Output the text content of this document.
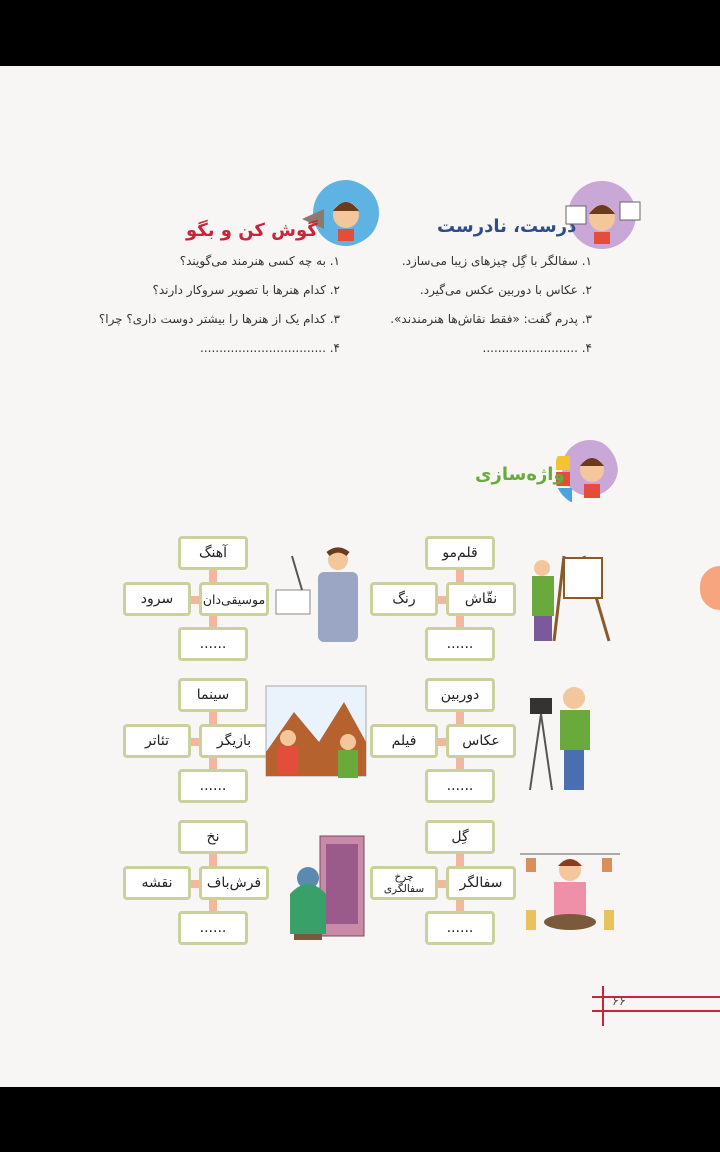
درست، نادرست
۱. سفالگر با گِل چیزهای زیبا می‌سازد.
۲. عکاس با دوربین عکس می‌گیرد.
۳. پدرم گفت: «فقط نقاش‌ها هنرمندند».
۴. .........................
گوش کن و بگو
۱. به چه کسی هنرمند می‌گویند؟
۲. کدام هنرها با تصویر سروکار دارند؟
۳. کدام یک از هنرها را بیشتر دوست داری؟ چرا؟
۴. .................................
واژه‌سازی
قلم‌مو
نقّاش
رنگ
......
آهنگ
موسیقی‌دان
سرود
......
دوربین
عکاس
فیلم
......
سینما
بازیگر
تئاتر
......
گِل
سفالگر
چرخ سفالگری
......
نخ
فرش‌باف
نقشه
......
۶۶
